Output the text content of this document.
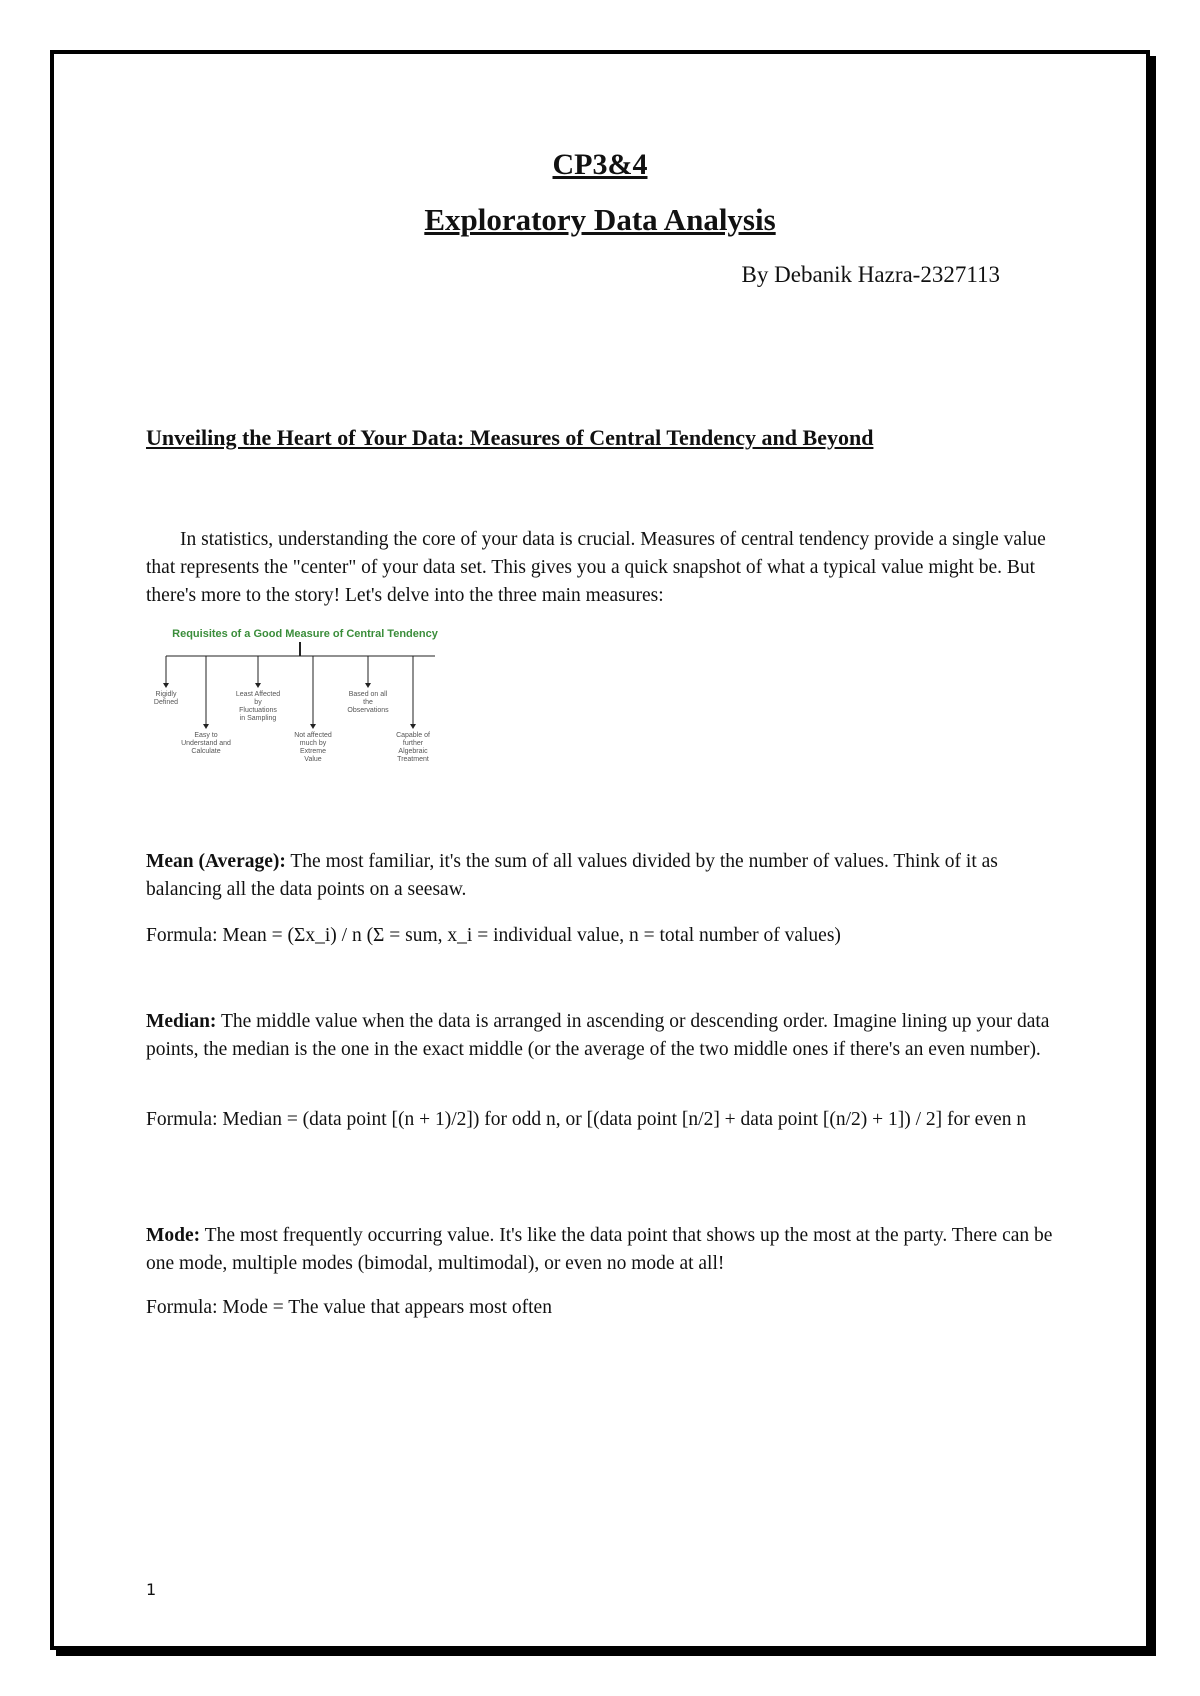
CP3&4
Exploratory Data Analysis
By Debanik Hazra-2327113
Unveiling the Heart of Your Data: Measures of Central Tendency and Beyond

In statistics, understanding the core of your data is crucial. Measures of central tendency provide a single value that represents the "center" of your data set. This gives you a quick snapshot of what a typical value might be. But there's more to the story! Let's delve into the three main measures:

Requisites of a Good Measure of Central Tendency
Rigidly Defined
Easy to Understand and Calculate
Least Affected by Fluctuations in Sampling
Not affected much by Extreme Value
Based on all the Observations
Capable of further Algebraic Treatment

Mean (Average): The most familiar, it's the sum of all values divided by the number of values. Think of it as balancing all the data points on a seesaw.

Formula: Mean = (Σx_i) / n (Σ = sum, x_i = individual value, n = total number of values)

Median: The middle value when the data is arranged in ascending or descending order. Imagine lining up your data points, the median is the one in the exact middle (or the average of the two middle ones if there's an even number).

Formula: Median = (data point [(n + 1)/2]) for odd n, or [(data point [n/2] + data point [(n/2) + 1]) / 2] for even n

Mode: The most frequently occurring value. It's like the data point that shows up the most at the party. There can be one mode, multiple modes (bimodal, multimodal), or even no mode at all!

Formula: Mode = The value that appears most often

1
